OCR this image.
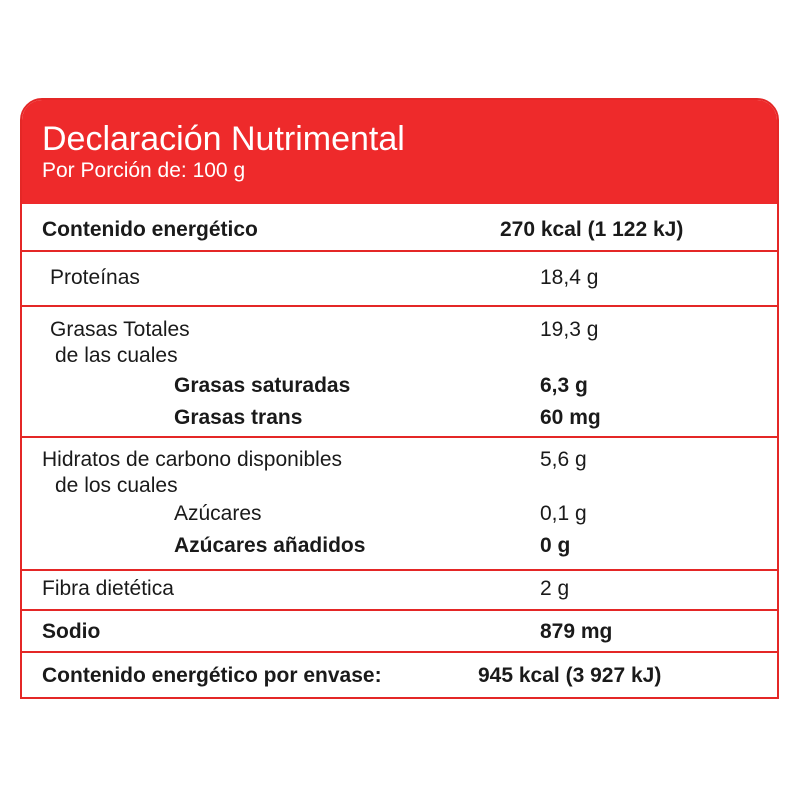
Declaración Nutrimental
Por Porción de: 100 g
Contenido energético	270 kcal (1 122 kJ)
Proteínas	18,4 g
Grasas Totales	19,3 g
de las cuales
Grasas saturadas	6,3 g
Grasas trans	60 mg
Hidratos de carbono disponibles	5,6 g
de los cuales
Azúcares	0,1 g
Azúcares añadidos	0 g
Fibra dietética	2 g
Sodio	879 mg
Contenido energético por envase:	945 kcal (3 927 kJ)
